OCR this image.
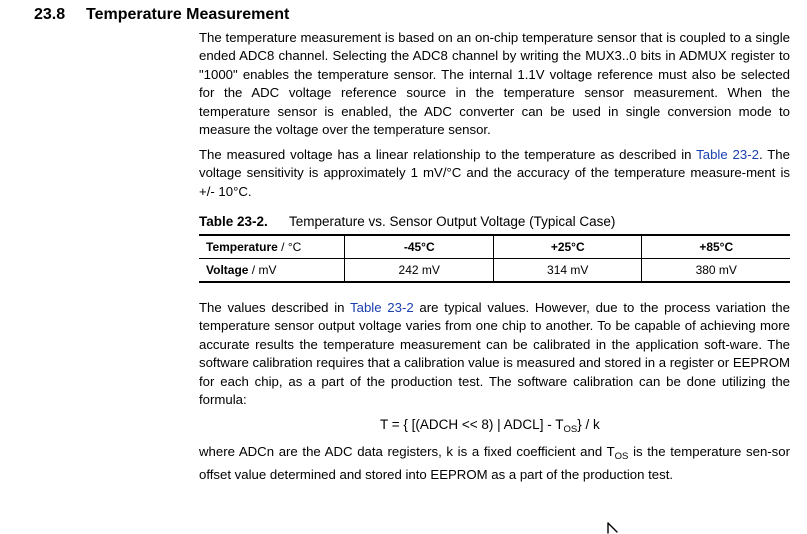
23.8 Temperature Measurement

The temperature measurement is based on an on-chip temperature sensor that is coupled to a single ended ADC8 channel. Selecting the ADC8 channel by writing the MUX3..0 bits in ADMUX register to "1000" enables the temperature sensor. The internal 1.1V voltage reference must also be selected for the ADC voltage reference source in the temperature sensor measurement. When the temperature sensor is enabled, the ADC converter can be used in single conversion mode to measure the voltage over the temperature sensor.

The measured voltage has a linear relationship to the temperature as described in Table 23-2. The voltage sensitivity is approximately 1 mV/°C and the accuracy of the temperature measure-ment is +/- 10°C.

Table 23-2. Temperature vs. Sensor Output Voltage (Typical Case)
Temperature / °C	-45°C	+25°C	+85°C
Voltage / mV	242 mV	314 mV	380 mV

The values described in Table 23-2 are typical values. However, due to the process variation the temperature sensor output voltage varies from one chip to another. To be capable of achieving more accurate results the temperature measurement can be calibrated in the application soft-ware. The software calibration requires that a calibration value is measured and stored in a register or EEPROM for each chip, as a part of the production test. The software calibration can be done utilizing the formula:

T = { [(ADCH << 8) | ADCL] - $T_{OS}$} / k

where ADCn are the ADC data registers, k is a fixed coefficient and $T_{OS}$ is the temperature sen-sor offset value determined and stored into EEPROM as a part of the production test.
